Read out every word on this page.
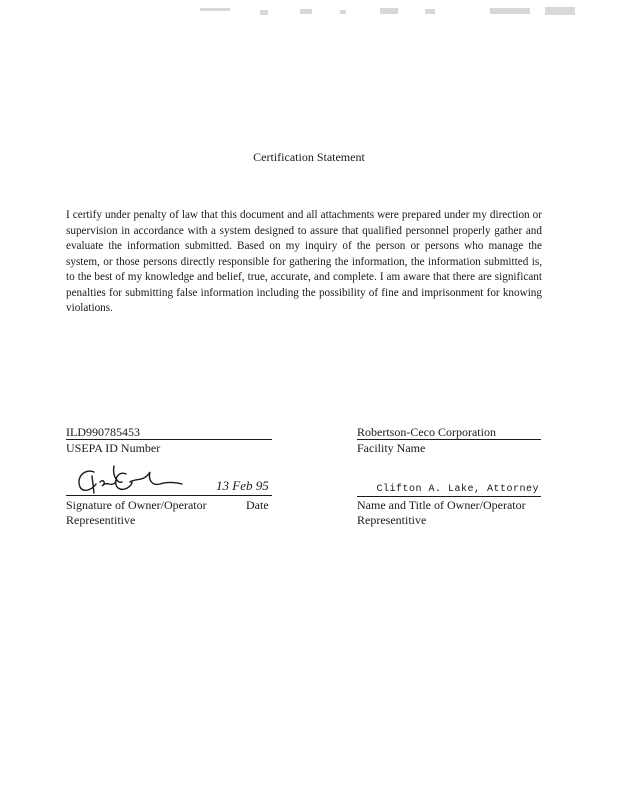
Certification Statement

I certify under penalty of law that this document and all attachments were prepared under my direction or supervision in accordance with a system designed to assure that qualified personnel properly gather and evaluate the information submitted. Based on my inquiry of the person or persons who manage the system, or those persons directly responsible for gathering the information, the information submitted is, to the best of my knowledge and belief, true, accurate, and complete. I am aware that there are significant penalties for submitting false information including the possibility of fine and imprisonment for knowing violations.

ILD990785453
USEPA ID Number
Robertson-Ceco Corporation
Facility Name
13 Feb 95
Signature of Owner/Operator
Representitive
Date
Clifton A. Lake, Attorney
Name and Title of Owner/Operator
Representitive
